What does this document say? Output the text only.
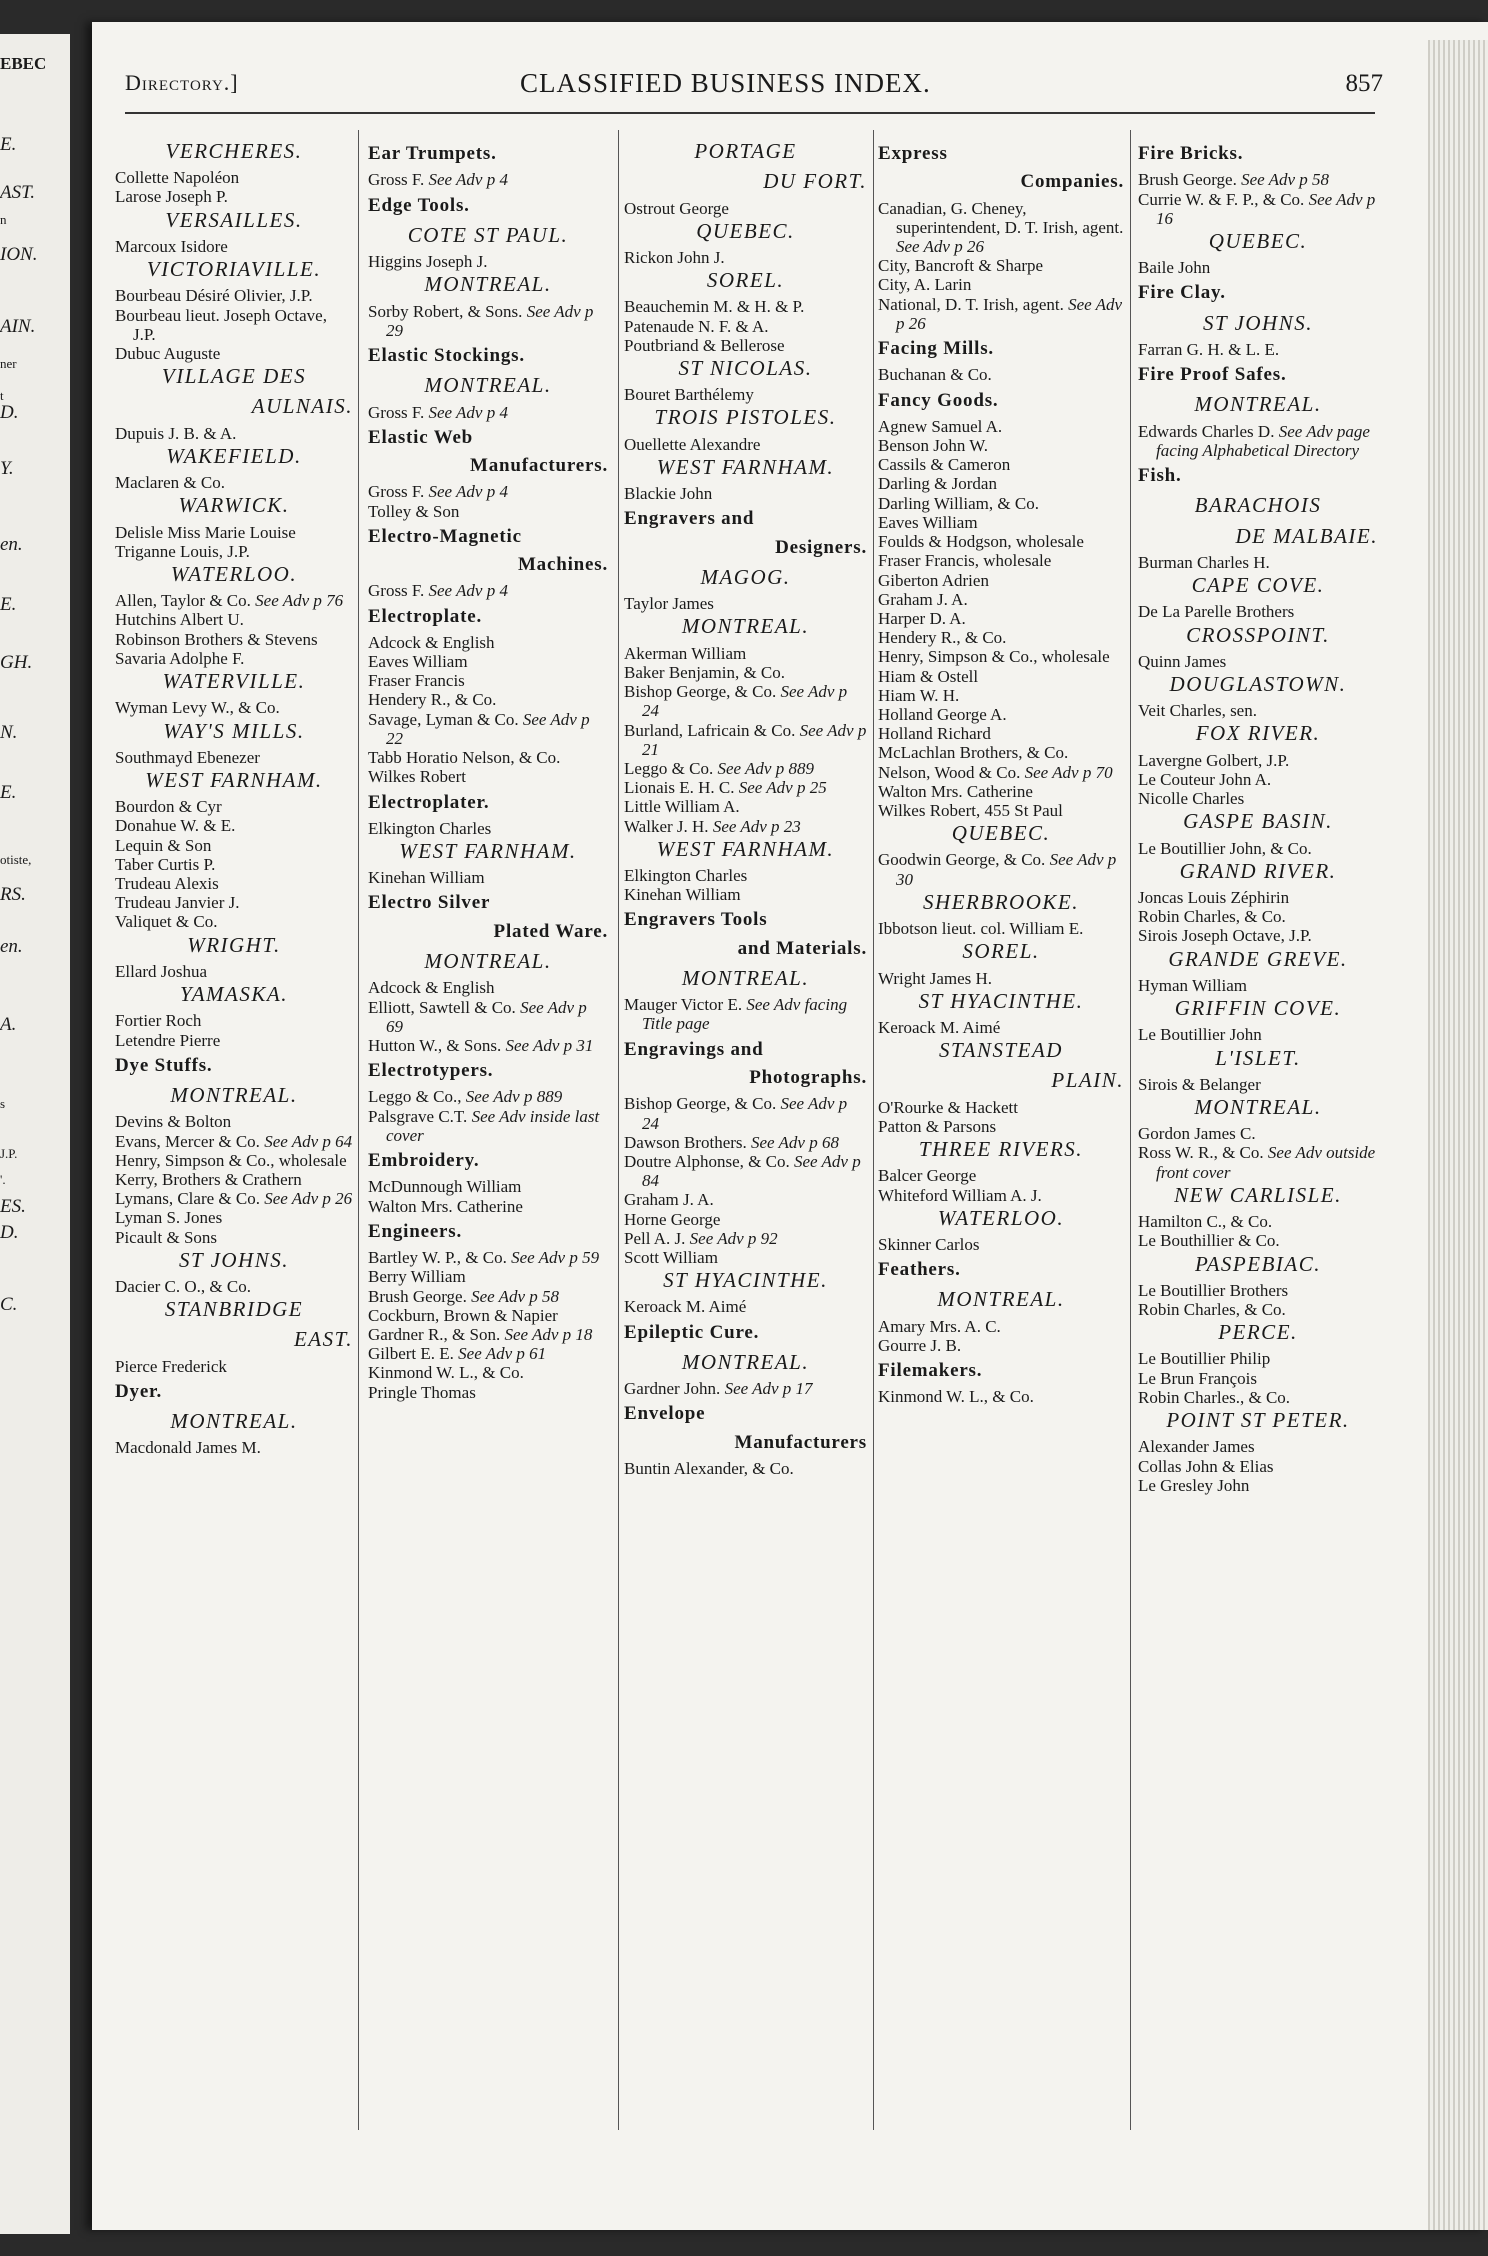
EBEC
E.
AST.
n
ION.
AIN.
ner
t
D.
Y.
en.
E.
GH.
N.
E.
otiste,
RS.
en.
A.
s
J.P.
'.
ES.
D.
C.
Directory.]	CLASSIFIED BUSINESS INDEX.	857
VERCHERES.
Collette Napoléon
Larose Joseph P.
VERSAILLES.
Marcoux Isidore
VICTORIAVILLE.
Bourbeau Désiré Olivier, J.P.
Bourbeau lieut. Joseph Octave, J.P.
Dubuc Auguste
VILLAGE DES
AULNAIS.
Dupuis J. B. & A.
WAKEFIELD.
Maclaren & Co.
WARWICK.
Delisle Miss Marie Louise
Triganne Louis, J.P.
WATERLOO.
Allen, Taylor & Co. See Adv p 76
Hutchins Albert U.
Robinson Brothers & Stevens
Savaria Adolphe F.
WATERVILLE.
Wyman Levy W., & Co.
WAY'S MILLS.
Southmayd Ebenezer
WEST FARNHAM.
Bourdon & Cyr
Donahue W. & E.
Lequin & Son
Taber Curtis P.
Trudeau Alexis
Trudeau Janvier J.
Valiquet & Co.
WRIGHT.
Ellard Joshua
YAMASKA.
Fortier Roch
Letendre Pierre
Dye Stuffs.
MONTREAL.
Devins & Bolton
Evans, Mercer & Co. See Adv p 64
Henry, Simpson & Co., wholesale
Kerry, Brothers & Crathern
Lymans, Clare & Co. See Adv p 26
Lyman S. Jones
Picault & Sons
ST JOHNS.
Dacier C. O., & Co.
STANBRIDGE
EAST.
Pierce Frederick
Dyer.
MONTREAL.
Macdonald James M.
Ear Trumpets.
Gross F. See Adv p 4
Edge Tools.
COTE ST PAUL.
Higgins Joseph J.
MONTREAL.
Sorby Robert, & Sons. See Adv p 29
Elastic Stockings.
MONTREAL.
Gross F. See Adv p 4
Elastic Web
Manufacturers.
Gross F. See Adv p 4
Tolley & Son
Electro-Magnetic
Machines.
Gross F. See Adv p 4
Electroplate.
Adcock & English
Eaves William
Fraser Francis
Hendery R., & Co.
Savage, Lyman & Co. See Adv p 22
Tabb Horatio Nelson, & Co.
Wilkes Robert
Electroplater.
Elkington Charles
WEST FARNHAM.
Kinehan William
Electro Silver
Plated Ware.
MONTREAL.
Adcock & English
Elliott, Sawtell & Co. See Adv p 69
Hutton W., & Sons. See Adv p 31
Electrotypers.
Leggo & Co., See Adv p 889
Palsgrave C.T. See Adv inside last cover
Embroidery.
McDunnough William
Walton Mrs. Catherine
Engineers.
Bartley W. P., & Co. See Adv p 59
Berry William
Brush George. See Adv p 58
Cockburn, Brown & Napier
Gardner R., & Son. See Adv p 18
Gilbert E. E. See Adv p 61
Kinmond W. L., & Co.
Pringle Thomas
PORTAGE
DU FORT.
Ostrout George
QUEBEC.
Rickon John J.
SOREL.
Beauchemin M. & H. & P.
Patenaude N. F. & A.
Poutbriand & Bellerose
ST NICOLAS.
Bouret Barthélemy
TROIS PISTOLES.
Ouellette Alexandre
WEST FARNHAM.
Blackie John
Engravers and
Designers.
MAGOG.
Taylor James
MONTREAL.
Akerman William
Baker Benjamin, & Co.
Bishop George, & Co. See Adv p 24
Burland, Lafricain & Co. See Adv p 21
Leggo & Co. See Adv p 889
Lionais E. H. C. See Adv p 25
Little William A.
Walker J. H. See Adv p 23
WEST FARNHAM.
Elkington Charles
Kinehan William
Engravers Tools
and Materials.
MONTREAL.
Mauger Victor E. See Adv facing Title page
Engravings and
Photographs.
Bishop George, & Co. See Adv p 24
Dawson Brothers. See Adv p 68
Doutre Alphonse, & Co. See Adv p 84
Graham J. A.
Horne George
Pell A. J. See Adv p 92
Scott William
ST HYACINTHE.
Keroack M. Aimé
Epileptic Cure.
MONTREAL.
Gardner John. See Adv p 17
Envelope
Manufacturers
Buntin Alexander, & Co.
Express
Companies.
Canadian, G. Cheney, superintendent, D. T. Irish, agent. See Adv p 26
City, Bancroft & Sharpe
City, A. Larin
National, D. T. Irish, agent. See Adv p 26
Facing Mills.
Buchanan & Co.
Fancy Goods.
Agnew Samuel A.
Benson John W.
Cassils & Cameron
Darling & Jordan
Darling William, & Co.
Eaves William
Foulds & Hodgson, wholesale
Fraser Francis, wholesale
Giberton Adrien
Graham J. A.
Harper D. A.
Hendery R., & Co.
Henry, Simpson & Co., wholesale
Hiam & Ostell
Hiam W. H.
Holland George A.
Holland Richard
McLachlan Brothers, & Co.
Nelson, Wood & Co. See Adv p 70
Walton Mrs. Catherine
Wilkes Robert, 455 St Paul
QUEBEC.
Goodwin George, & Co. See Adv p 30
SHERBROOKE.
Ibbotson lieut. col. William E.
SOREL.
Wright James H.
ST HYACINTHE.
Keroack M. Aimé
STANSTEAD
PLAIN.
O'Rourke & Hackett
Patton & Parsons
THREE RIVERS.
Balcer George
Whiteford William A. J.
WATERLOO.
Skinner Carlos
Feathers.
MONTREAL.
Amary Mrs. A. C.
Gourre J. B.
Filemakers.
Kinmond W. L., & Co.
Fire Bricks.
Brush George. See Adv p 58
Currie W. & F. P., & Co. See Adv p 16
QUEBEC.
Baile John
Fire Clay.
ST JOHNS.
Farran G. H. & L. E.
Fire Proof Safes.
MONTREAL.
Edwards Charles D. See Adv page facing Alphabetical Directory
Fish.
BARACHOIS
DE MALBAIE.
Burman Charles H.
CAPE COVE.
De La Parelle Brothers
CROSSPOINT.
Quinn James
DOUGLASTOWN.
Veit Charles, sen.
FOX RIVER.
Lavergne Golbert, J.P.
Le Couteur John A.
Nicolle Charles
GASPE BASIN.
Le Boutillier John, & Co.
GRAND RIVER.
Joncas Louis Zéphirin
Robin Charles, & Co.
Sirois Joseph Octave, J.P.
GRANDE GREVE.
Hyman William
GRIFFIN COVE.
Le Boutillier John
L'ISLET.
Sirois & Belanger
MONTREAL.
Gordon James C.
Ross W. R., & Co. See Adv outside front cover
NEW CARLISLE.
Hamilton C., & Co.
Le Bouthillier & Co.
PASPEBIAC.
Le Boutillier Brothers
Robin Charles, & Co.
PERCE.
Le Boutillier Philip
Le Brun François
Robin Charles., & Co.
POINT ST PETER.
Alexander James
Collas John & Elias
Le Gresley John
